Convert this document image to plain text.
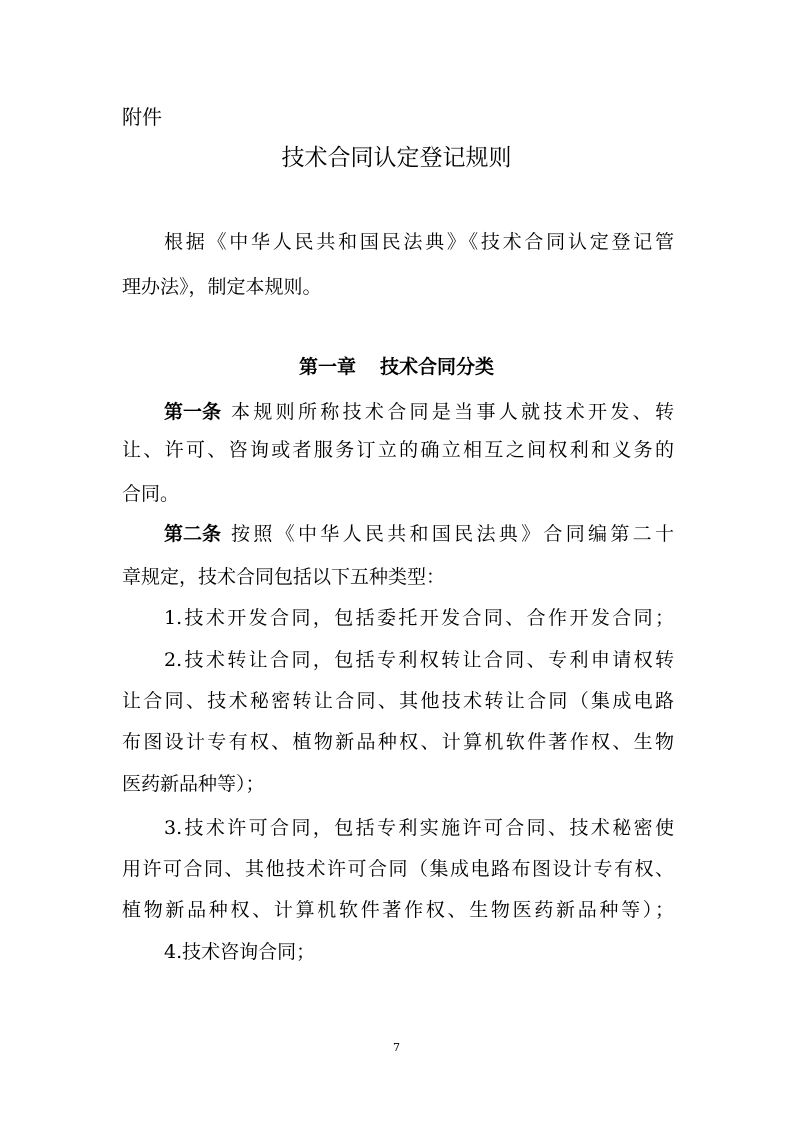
附件
技术合同认定登记规则
根据《中华人民共和国民法典》《技术合同认定登记管
理办法》，制定本规则。
第一章 技术合同分类
第一条 本规则所称技术合同是当事人就技术开发、转
让、许可、咨询或者服务订立的确立相互之间权利和义务的
合同。
第二条 按照《中华人民共和国民法典》合同编第二十
章规定，技术合同包括以下五种类型：
1.技术开发合同，包括委托开发合同、合作开发合同；
2.技术转让合同，包括专利权转让合同、专利申请权转
让合同、技术秘密转让合同、其他技术转让合同（集成电路
布图设计专有权、植物新品种权、计算机软件著作权、生物
医药新品种等）；
3.技术许可合同，包括专利实施许可合同、技术秘密使
用许可合同、其他技术许可合同（集成电路布图设计专有权、
植物新品种权、计算机软件著作权、生物医药新品种等）；
4.技术咨询合同；
7
